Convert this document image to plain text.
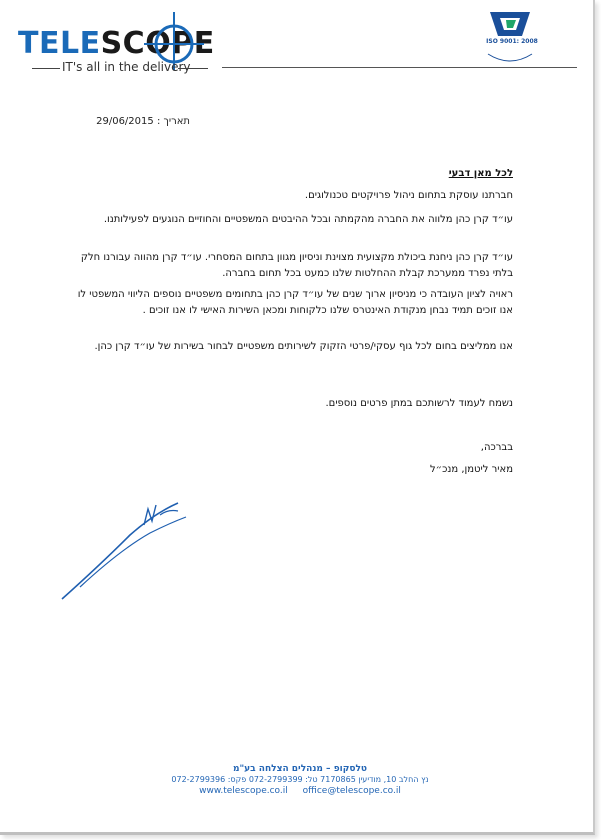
TELESCOPE
IT's all in the delivery
ISO 9001: 2008
תאריך : 29/06/2015
לכל מאן דבעי
חברתנו עוסקת בתחום ניהול פרויקטים טכנולוגים.
עו״ד קרן כהן מלווה את החברה מהקמתה ובכל ההיבטים המשפטיים והחוזיים הנוגעים לפעילותנו.
עו״ד קרן כהן ניחנת ביכולת מקצועית מצוינת וניסיון מגוון בתחום המסחרי. עו״ד קרן מהווה עבורנו חלק בלתי נפרד ממערכת קבלת ההחלטות שלנו כמעט בכל תחום בחברה.
ראויה לציון העובדה כי מניסיון ארוך שנים של עו״ד קרן כהן בתחומים משפטיים נוספים הליווי המשפטי לו אנו זוכים תמיד נבחן מנקודת האינטרס שלנו כלקוחות ומכאן השירות האישי לו אנו זוכים .
אנו ממליצים בחום לכל גוף עסקי/פרטי הזקוק לשירותים משפטיים לבחור בשירות של עו״ד קרן כהן.
נשמח לעמוד לרשותכם במתן פרטים נוספים.
בברכה,
מאיר ליטמן, מנכ״ל
טלסקופ – מנהלים הצלחה בע"מ
נץ החלב 10, מודיעין 7170865 טל: 072-2799399 פקס: 072-2799396
www.telescope.co.il office@telescope.co.il
